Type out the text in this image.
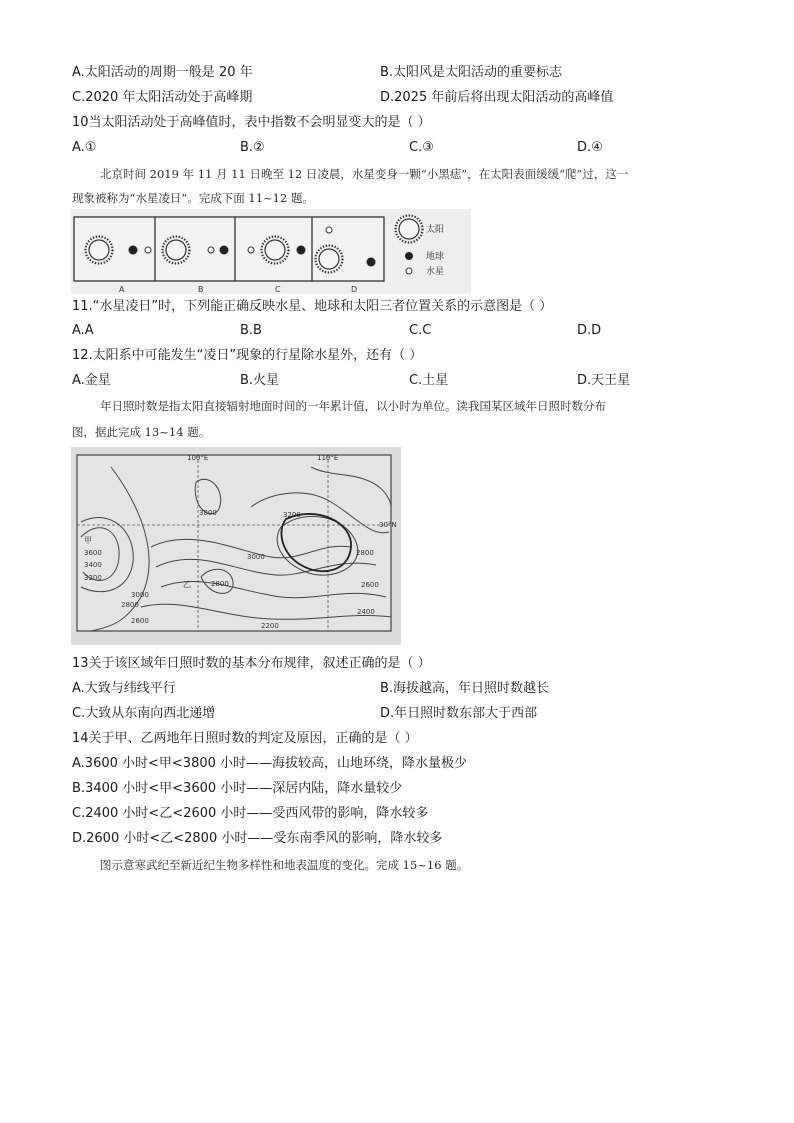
A.太阳活动的周期一般是 20 年	B.太阳风是太阳活动的重要标志
C.2020 年太阳活动处于高峰期	D.2025 年前后将出现太阳活动的高峰值
10当太阳活动处于高峰值时，表中指数不会明显变大的是（ ）
A.①	B.②	C.③	D.④
北京时间 2019 年 11 月 11 日晚至 12 日凌晨，水星变身一颗“小黑痣”，在太阳表面缓缓“爬”过，这一
现象被称为“水星凌日”。完成下面 11~12 题。
A	B	C	D
太阳
地球
水星
11.“水星凌日”时，下列能正确反映水星、地球和太阳三者位置关系的示意图是（ ）
A.A	B.B	C.C	D.D
12.太阳系中可能发生“凌日”现象的行星除水星外，还有（ ）
A.金星	B.火星	C.土星	D.天王星
年日照时数是指太阳直接辐射地面时间的一年累计值，以小时为单位。读我国某区域年日照时数分布
图，据此完成 13~14 题。
甲
乙
100°E	110°E
30°N
3800
3600
3400
3200
3000
2800
2600
3200
3000	2800
2800	2600
2400
2200
13关于该区域年日照时数的基本分布规律，叙述正确的是（ ）
A.大致与纬线平行	B.海拔越高，年日照时数越长
C.大致从东南向西北递增	D.年日照时数东部大于西部
14关于甲、乙两地年日照时数的判定及原因，正确的是（ ）
A.3600 小时<甲<3800 小时——海拔较高，山地环绕，降水量极少
B.3400 小时<甲<3600 小时——深居内陆，降水量较少
C.2400 小时<乙<2600 小时——受西风带的影响，降水较多
D.2600 小时<乙<2800 小时——受东南季风的影响，降水较多
图示意寒武纪至新近纪生物多样性和地表温度的变化。完成 15~16 题。
